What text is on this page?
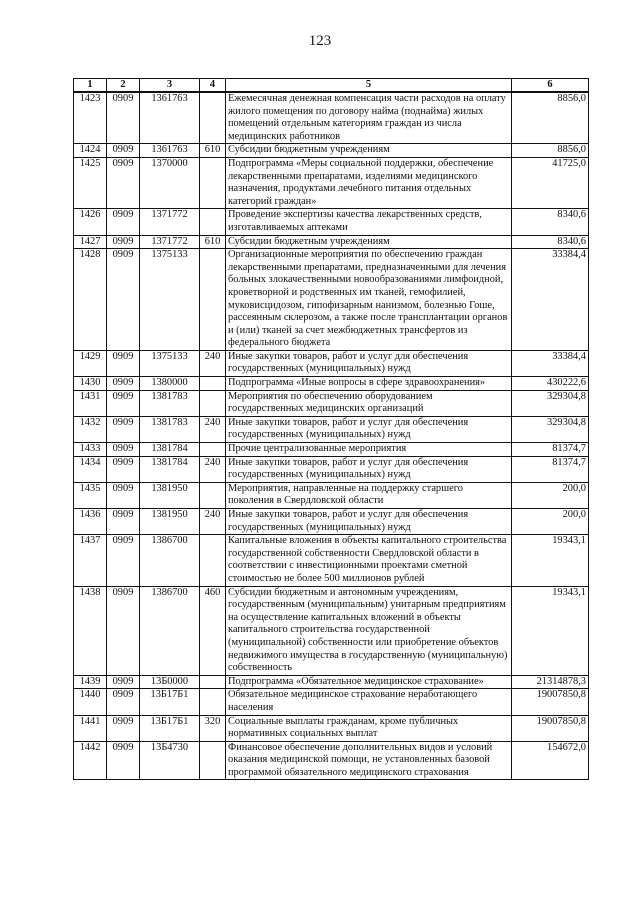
123
1	2	3	4	5	6
1423	0909	1361763		Ежемесячная денежная компенсация части расходов на оплату жилого помещения по договору найма (поднайма) жилых помещений отдельным категориям граждан из числа медицинских работников	8856,0
1424	0909	1361763	610	Субсидии бюджетным учреждениям	8856,0
1425	0909	1370000		Подпрограмма «Меры социальной поддержки, обеспечение лекарственными препаратами, изделиями медицинского назначения, продуктами лечебного питания отдельных категорий граждан»	41725,0
1426	0909	1371772		Проведение экспертизы качества лекарственных средств, изготавливаемых аптеками	8340,6
1427	0909	1371772	610	Субсидии бюджетным учреждениям	8340,6
1428	0909	1375133		Организационные мероприятия по обеспечению граждан лекарственными препаратами, предназначенными для лечения больных злокачественными новообразованиями лимфоидной, кроветворной и родственных им тканей, гемофилией, муковисцидозом, гипофизарным нанизмом, болезнью Гоше, рассеянным склерозом, а также после трансплантации органов и (или) тканей за счет межбюджетных трансфертов из федерального бюджета	33384,4
1429	0909	1375133	240	Иные закупки товаров, работ и услуг для обеспечения государственных (муниципальных) нужд	33384,4
1430	0909	1380000		Подпрограмма «Иные вопросы в сфере здравоохранения»	430222,6
1431	0909	1381783		Мероприятия по обеспечению оборудованием государственных медицинских организаций	329304,8
1432	0909	1381783	240	Иные закупки товаров, работ и услуг для обеспечения государственных (муниципальных) нужд	329304,8
1433	0909	1381784		Прочие централизованные мероприятия	81374,7
1434	0909	1381784	240	Иные закупки товаров, работ и услуг для обеспечения государственных (муниципальных) нужд	81374,7
1435	0909	1381950		Мероприятия, направленные на поддержку старшего поколения в Свердловской области	200,0
1436	0909	1381950	240	Иные закупки товаров, работ и услуг для обеспечения государственных (муниципальных) нужд	200,0
1437	0909	1386700		Капитальные вложения в объекты капитального строительства государственной собственности Свердловской области в соответствии с инвестиционными проектами сметной стоимостью не более 500 миллионов рублей	19343,1
1438	0909	1386700	460	Субсидии бюджетным и автономным учреждениям, государственным (муниципальным) унитарным предприятиям на осуществление капитальных вложений в объекты капитального строительства государственной (муниципальной) собственности или приобретение объектов недвижимого имущества в государственную (муниципальную) собственность	19343,1
1439	0909	13Б0000		Подпрограмма «Обязательное медицинское страхование»	21314878,3
1440	0909	13Б17Б1		Обязательное медицинское страхование неработающего населения	19007850,8
1441	0909	13Б17Б1	320	Социальные выплаты гражданам, кроме публичных нормативных социальных выплат	19007850,8
1442	0909	13Б4730		Финансовое обеспечение дополнительных видов и условий оказания медицинской помощи, не установленных базовой программой обязательного медицинского страхования	154672,0
